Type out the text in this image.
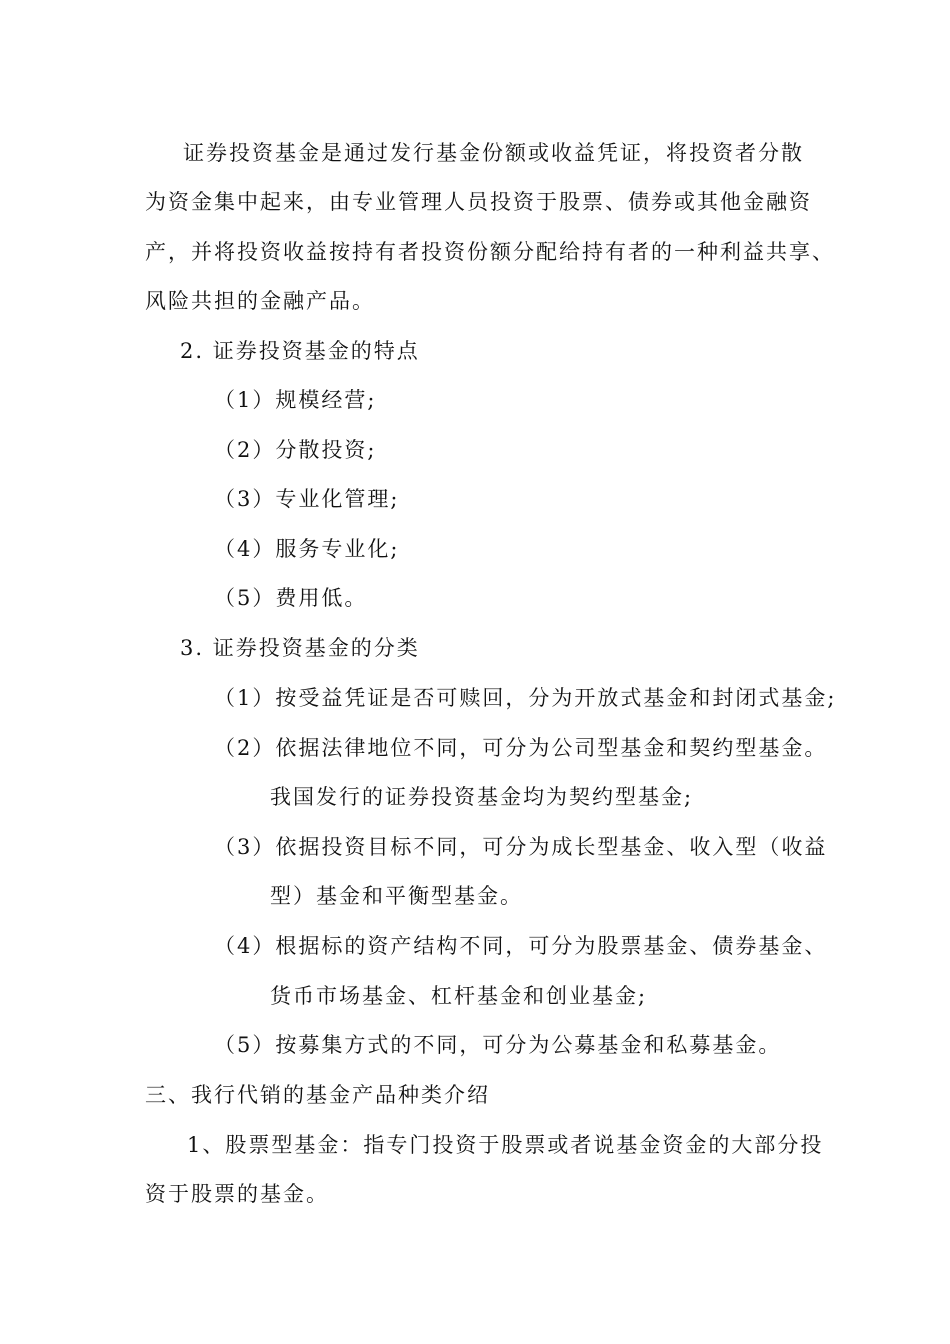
证券投资基金是通过发行基金份额或收益凭证，将投资者分散
为资金集中起来，由专业管理人员投资于股票、债券或其他金融资
产，并将投资收益按持有者投资份额分配给持有者的一种利益共享、
风险共担的金融产品。
2. 证券投资基金的特点
（1）规模经营;
（2）分散投资;
（3）专业化管理;
（4）服务专业化;
（5）费用低。
3. 证券投资基金的分类
（1）按受益凭证是否可赎回，分为开放式基金和封闭式基金;
（2）依据法律地位不同，可分为公司型基金和契约型基金。
我国发行的证券投资基金均为契约型基金;
（3）依据投资目标不同，可分为成长型基金、收入型（收益
型）基金和平衡型基金。
（4）根据标的资产结构不同，可分为股票基金、债券基金、
货币市场基金、杠杆基金和创业基金;
（5）按募集方式的不同，可分为公募基金和私募基金。
三、我行代销的基金产品种类介绍
1、股票型基金：指专门投资于股票或者说基金资金的大部分投
资于股票的基金。
